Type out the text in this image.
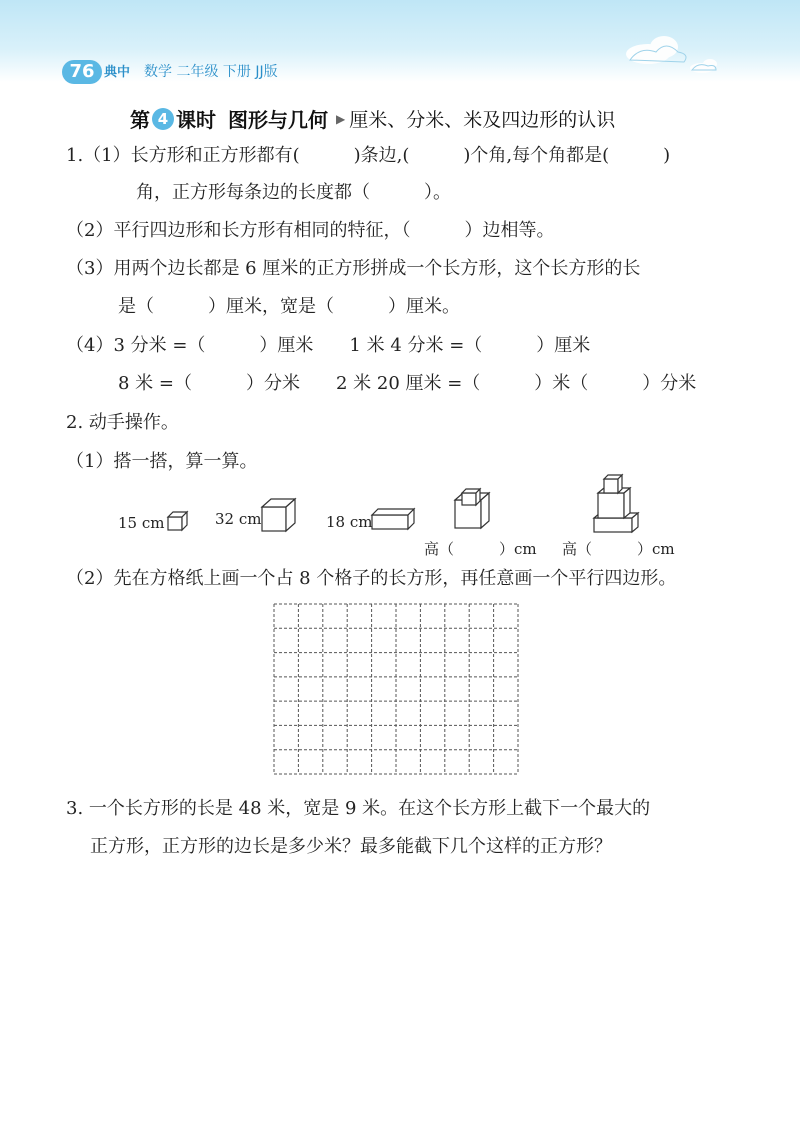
76 典中 数学 二年级 下册 JJ版
第 4 课时 图形与几何 ▶ 厘米、分米、米及四边形的认识
1.（1）长方形和正方形都有(　　　)条边,(　　　)个角,每个角都是(　　　)
角，正方形每条边的长度都（　　　）。
（2）平行四边形和长方形有相同的特征，（　　　）边相等。
（3）用两个边长都是 6 厘米的正方形拼成一个长方形，这个长方形的长
是（　　　）厘米，宽是（　　　）厘米。
（4）3 分米 =（　　　）厘米　　1 米 4 分米 =（　　　）厘米
8 米 =（　　　）分米　　2 米 20 厘米 =（　　　）米（　　　）分米
2. 动手操作。
（1）搭一搭，算一算。
15 cm	32 cm	18 cm
高（　　　）cm 高（　　　）cm
（2）先在方格纸上画一个占 8 个格子的长方形，再任意画一个平行四边形。
3. 一个长方形的长是 48 米，宽是 9 米。在这个长方形上截下一个最大的
正方形，正方形的边长是多少米？最多能截下几个这样的正方形？
